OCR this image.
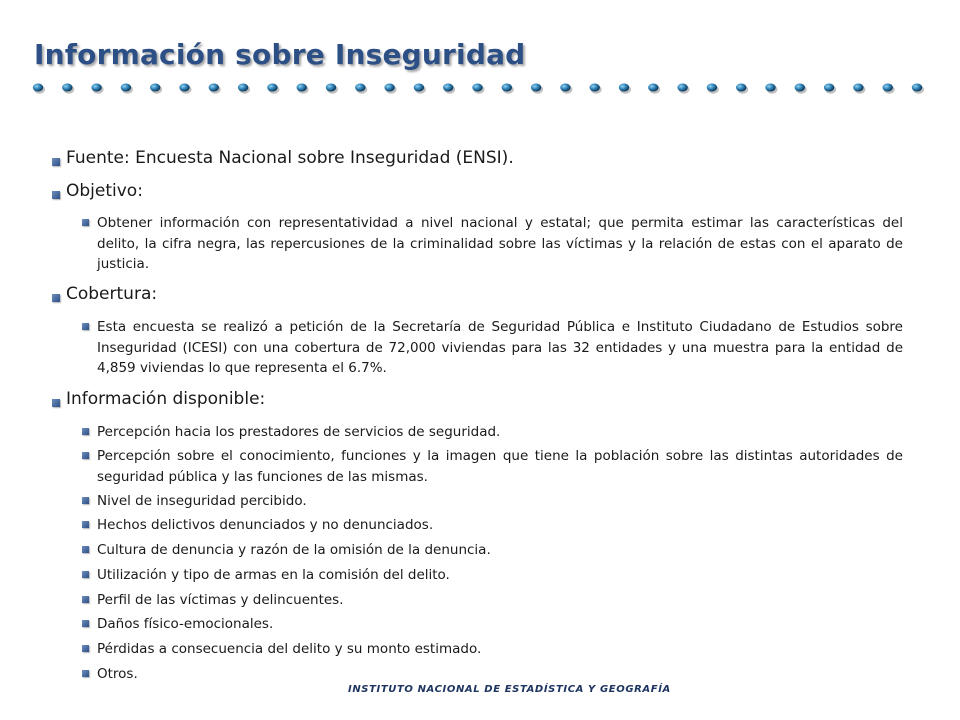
Información sobre Inseguridad
Fuente: Encuesta Nacional sobre Inseguridad (ENSI).
Objetivo:
Obtener información con representatividad a nivel nacional y estatal; que permita estimar las características del delito, la cifra negra, las repercusiones de la criminalidad sobre las víctimas y la relación de estas con el aparato de justicia.
Cobertura:
Esta encuesta se realizó a petición de la Secretaría de Seguridad Pública e Instituto Ciudadano de Estudios sobre Inseguridad (ICESI) con una cobertura de 72,000 viviendas para las 32 entidades y una muestra para la entidad de 4,859 viviendas lo que representa el 6.7%.
Información disponible:
Percepción hacia los prestadores de servicios de seguridad.
Percepción sobre el conocimiento, funciones y la imagen que tiene la población sobre las distintas autoridades de seguridad pública y las funciones de las mismas.
Nivel de inseguridad percibido.
Hechos delictivos denunciados y no denunciados.
Cultura de denuncia y razón de la omisión de la denuncia.
Utilización y tipo de armas en la comisión del delito.
Perfil de las víctimas y delincuentes.
Daños físico-emocionales.
Pérdidas a consecuencia del delito y su monto estimado.
Otros.
INSTITUTO NACIONAL DE ESTADÍSTICA Y GEOGRAFÍA
